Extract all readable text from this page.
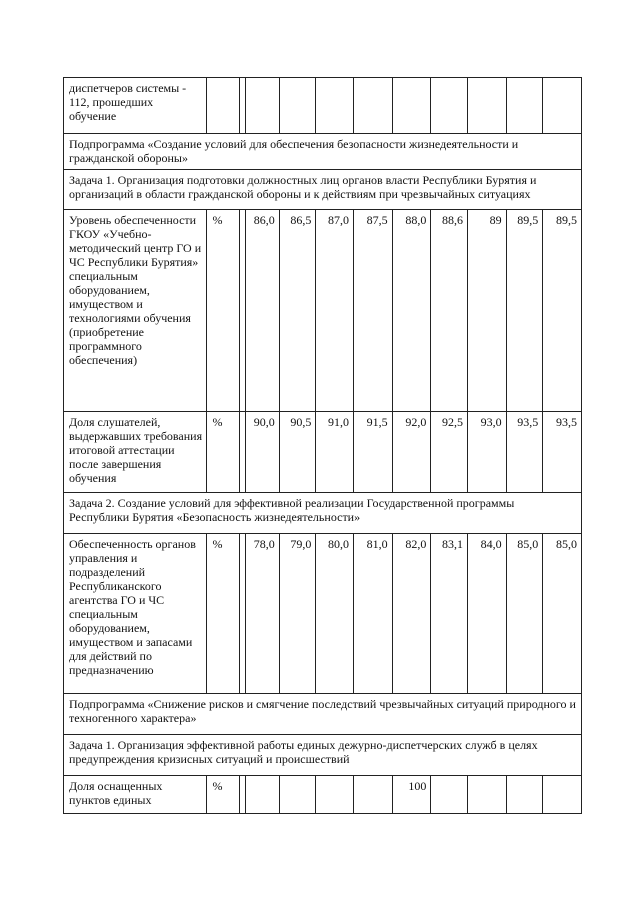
диспетчеров системы - 112, прошедших обучение											
Подпрограмма «Создание условий для обеспечения безопасности жизнедеятельности и гражданской обороны»											
Задача 1. Организация подготовки должностных лиц органов власти Республики Бурятия и организаций в области гражданской обороны и к действиям при чрезвычайных ситуациях											
Уровень обеспеченности ГКОУ «Учебно-методический центр ГО и ЧС Республики Бурятия» специальным оборудованием, имуществом и технологиями обучения (приобретение программного обеспечения)	%		86,0	86,5	87,0	87,5	88,0	88,6	89	89,5	89,5
Доля слушателей, выдержавших требования итоговой аттестации после завершения обучения	%		90,0	90,5	91,0	91,5	92,0	92,5	93,0	93,5	93,5
Задача 2. Создание условий для эффективной реализации Государственной программы Республики Бурятия «Безопасность жизнедеятельности»											
Обеспеченность органов управления и подразделений Республиканского агентства ГО и ЧС специальным оборудованием, имуществом и запасами для действий по предназначению	%		78,0	79,0	80,0	81,0	82,0	83,1	84,0	85,0	85,0
Подпрограмма «Снижение рисков и смягчение последствий чрезвычайных ситуаций природного и техногенного характера»											
Задача 1. Организация эффективной работы единых дежурно-диспетчерских служб в целях предупреждения кризисных ситуаций и происшествий											
Доля оснащенных пунктов единых	%						100				
